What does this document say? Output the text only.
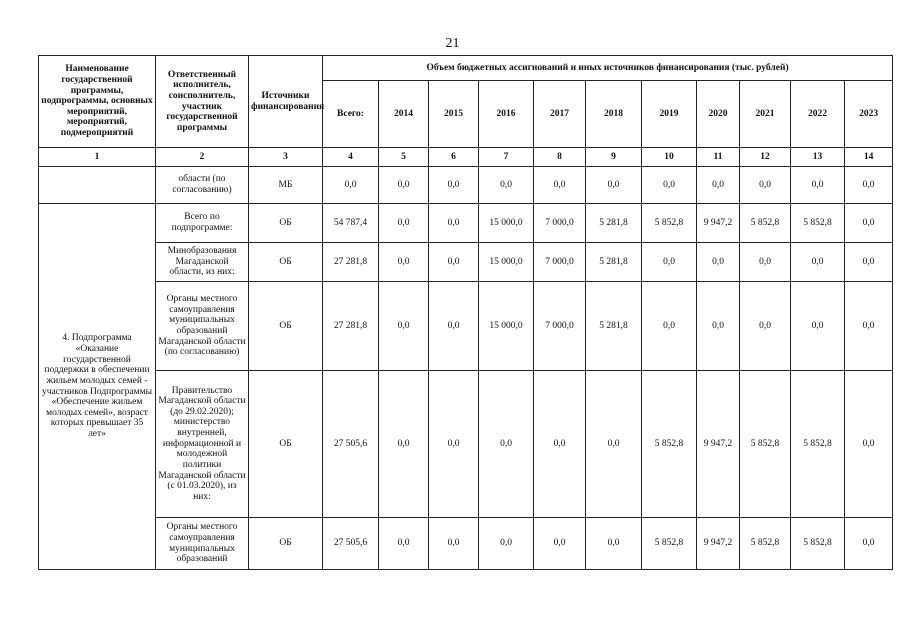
21
Наименование государственной программы, подпрограммы, основных мероприятий, мероприятий, подмероприятий	Ответственный исполнитель, соисполнитель, участник государственной программы	Источники финансирования	Объем бюджетных ассигнований и иных источников финансирования (тыс. рублей)										
			Всего:	2014	2015	2016	2017	2018	2019	2020	2021	2022	2023
1	2	3	4	5	6	7	8	9	10	11	12	13	14
	области (по согласованию)	МБ	0,0	0,0	0,0	0,0	0,0	0,0	0,0	0,0	0,0	0,0	0,0
4. Подпрограмма «Оказание государственной поддержки в обеспечении жильем молодых семей - участников Подпрограммы «Обеспечение жильем молодых семей», возраст которых превышает 35 лет»	Всего по подпрограмме:	ОБ	54 787,4	0,0	0,0	15 000,0	7 000,0	5 281,8	5 852,8	9 947,2	5 852,8	5 852,8	0,0
	Минобразования Магаданской области, из них:	ОБ	27 281,8	0,0	0,0	15 000,0	7 000,0	5 281,8	0,0	0,0	0,0	0,0	0,0
	Органы местного самоуправления муниципальных образований Магаданской области (по согласованию)	ОБ	27 281,8	0,0	0,0	15 000,0	7 000,0	5 281,8	0,0	0,0	0,0	0,0	0,0
	Правительство Магаданской области (до 29.02.2020); министерство внутренней, информационной и молодежной политики Магаданской области (с 01.03.2020), из них:	ОБ	27 505,6	0,0	0,0	0,0	0,0	0,0	5 852,8	9 947,2	5 852,8	5 852,8	0,0
	Органы местного самоуправления муниципальных образований	ОБ	27 505,6	0,0	0,0	0,0	0,0	0,0	5 852,8	9 947,2	5 852,8	5 852,8	0,0
